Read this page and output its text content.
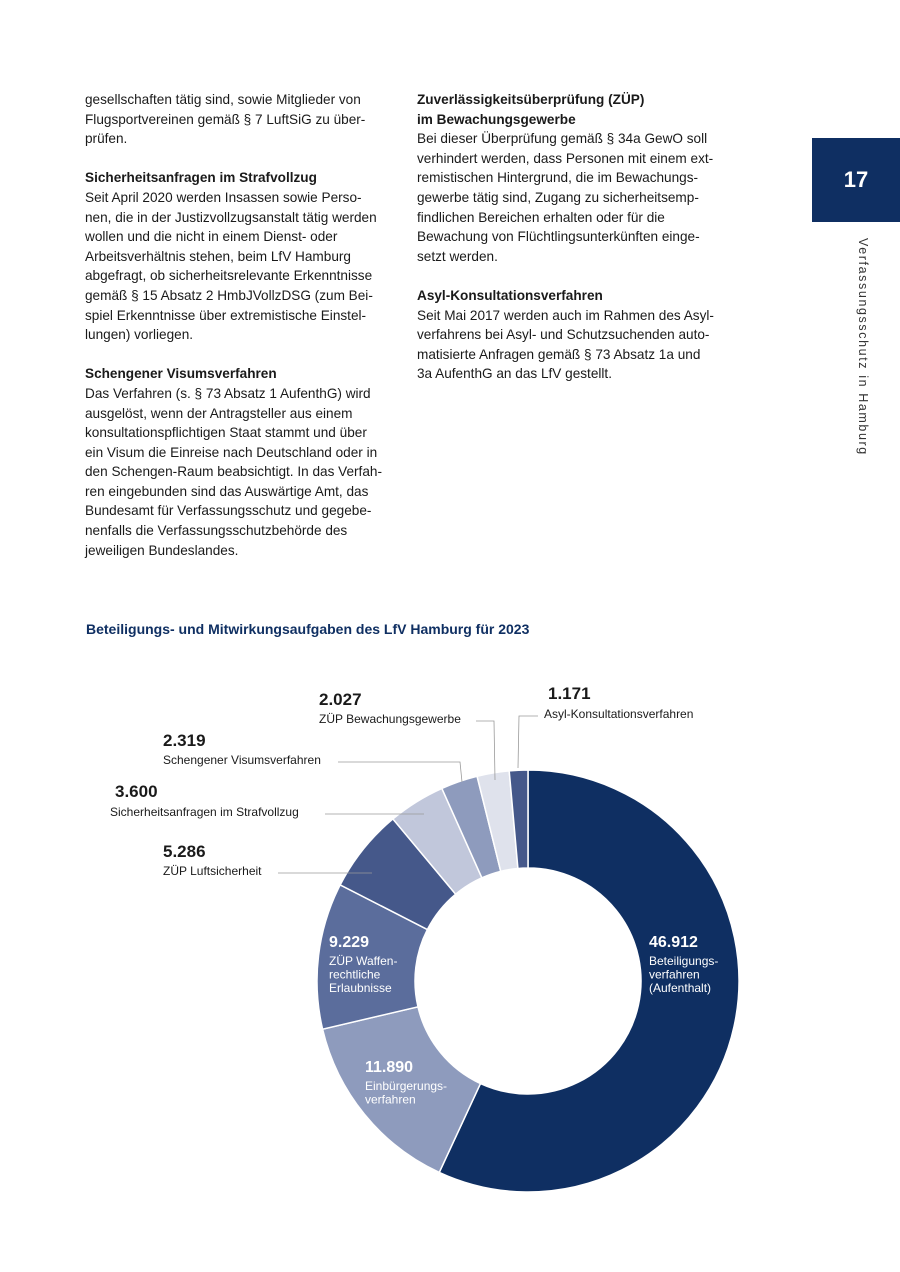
gesellschaften tätig sind, sowie Mitglieder von
Flugsportvereinen gemäß § 7 LuftSiG zu über-
prüfen.

Sicherheitsanfragen im Strafvollzug

Seit April 2020 werden Insassen sowie Perso-
nen, die in der Justizvollzugsanstalt tätig werden
wollen und die nicht in einem Dienst- oder
Arbeitsverhältnis stehen, beim LfV Hamburg
abgefragt, ob sicherheitsrelevante Erkenntnisse
gemäß § 15 Absatz 2 HmbJVollzDSG (zum Bei-
spiel Erkenntnisse über extremistische Einstel-
lungen) vorliegen.

Schengener Visumsverfahren

Das Verfahren (s. § 73 Absatz 1 AufenthG) wird
ausgelöst, wenn der Antragsteller aus einem
konsultationspflichtigen Staat stammt und über
ein Visum die Einreise nach Deutschland oder in
den Schengen-Raum beabsichtigt. In das Verfah-
ren eingebunden sind das Auswärtige Amt, das
Bundesamt für Verfassungsschutz und gegebe-
nenfalls die Verfassungsschutzbehörde des
jeweiligen Bundeslandes.

Zuverlässigkeitsüberprüfung (ZÜP)
im Bewachungsgewerbe

Bei dieser Überprüfung gemäß § 34a GewO soll
verhindert werden, dass Personen mit einem ext-
remistischen Hintergrund, die im Bewachungs-
gewerbe tätig sind, Zugang zu sicherheitsemp-
findlichen Bereichen erhalten oder für die
Bewachung von Flüchtlingsunterkünften einge-
setzt werden.

Asyl-Konsultationsverfahren

Seit Mai 2017 werden auch im Rahmen des Asyl-
verfahrens bei Asyl- und Schutzsuchenden auto-
matisierte Anfragen gemäß § 73 Absatz 1a und
3a AufenthG an das LfV gestellt.

17
Verfassungsschutz in Hamburg
Beteiligungs- und Mitwirkungsaufgaben des LfV Hamburg für 2023
46.912
Beteiligungs-
verfahren
(Aufenthalt)
11.890
Einbürgerungs-
verfahren
9.229
ZÜP Waffen-
rechtliche
Erlaubnisse
5.286
ZÜP Luftsicherheit
3.600
Sicherheitsanfragen im Strafvollzug
2.319
Schengener Visumsverfahren
2.027
ZÜP Bewachungsgewerbe
1.171
Asyl-Konsultationsverfahren
